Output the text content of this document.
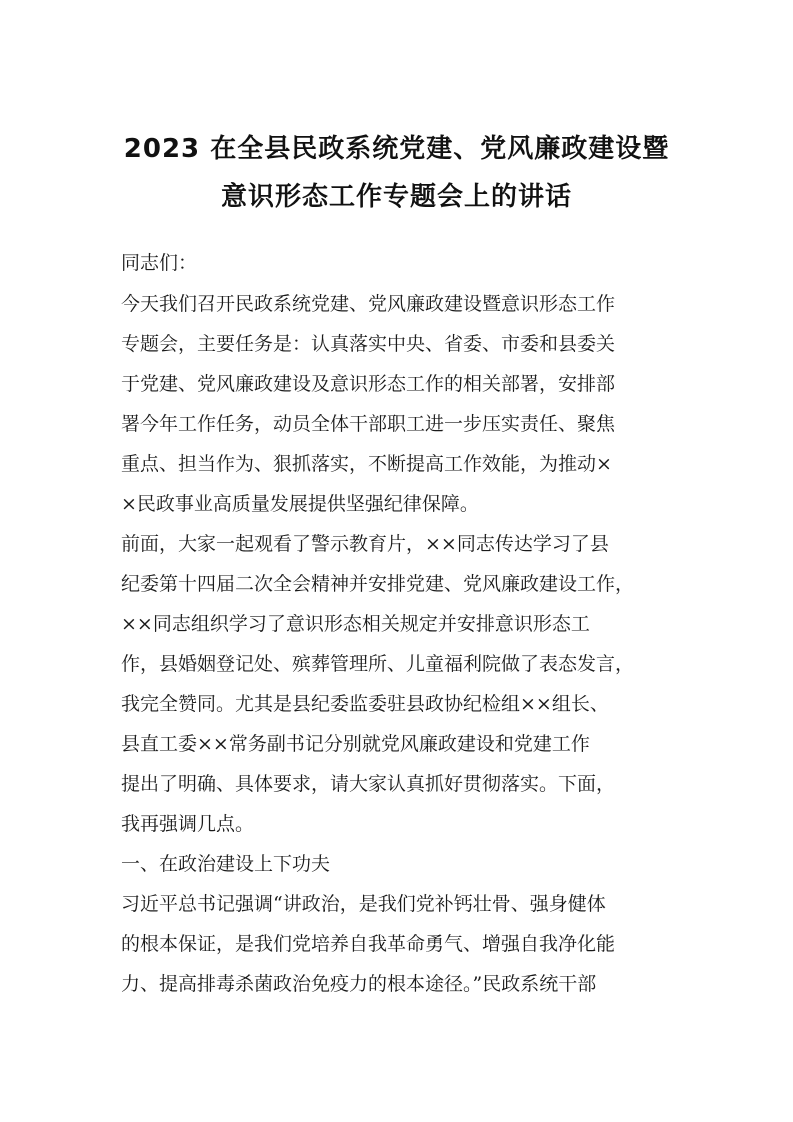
2023 在全县民政系统党建、党风廉政建设暨
意识形态工作专题会上的讲话
同志们：
今天我们召开民政系统党建、党风廉政建设暨意识形态工作
专题会，主要任务是：认真落实中央、省委、市委和县委关
于党建、党风廉政建设及意识形态工作的相关部署，安排部
署今年工作任务，动员全体干部职工进一步压实责任、聚焦
重点、担当作为、狠抓落实，不断提高工作效能，为推动×
×民政事业高质量发展提供坚强纪律保障。
前面，大家一起观看了警示教育片，××同志传达学习了县
纪委第十四届二次全会精神并安排党建、党风廉政建设工作，
××同志组织学习了意识形态相关规定并安排意识形态工
作，县婚姻登记处、殡葬管理所、儿童福利院做了表态发言，
我完全赞同。尤其是县纪委监委驻县政协纪检组××组长、
县直工委××常务副书记分别就党风廉政建设和党建工作
提出了明确、具体要求，请大家认真抓好贯彻落实。下面，
我再强调几点。
一、在政治建设上下功夫
习近平总书记强调“讲政治，是我们党补钙壮骨、强身健体
的根本保证，是我们党培养自我革命勇气、增强自我净化能
力、提高排毒杀菌政治免疫力的根本途径。”民政系统干部
